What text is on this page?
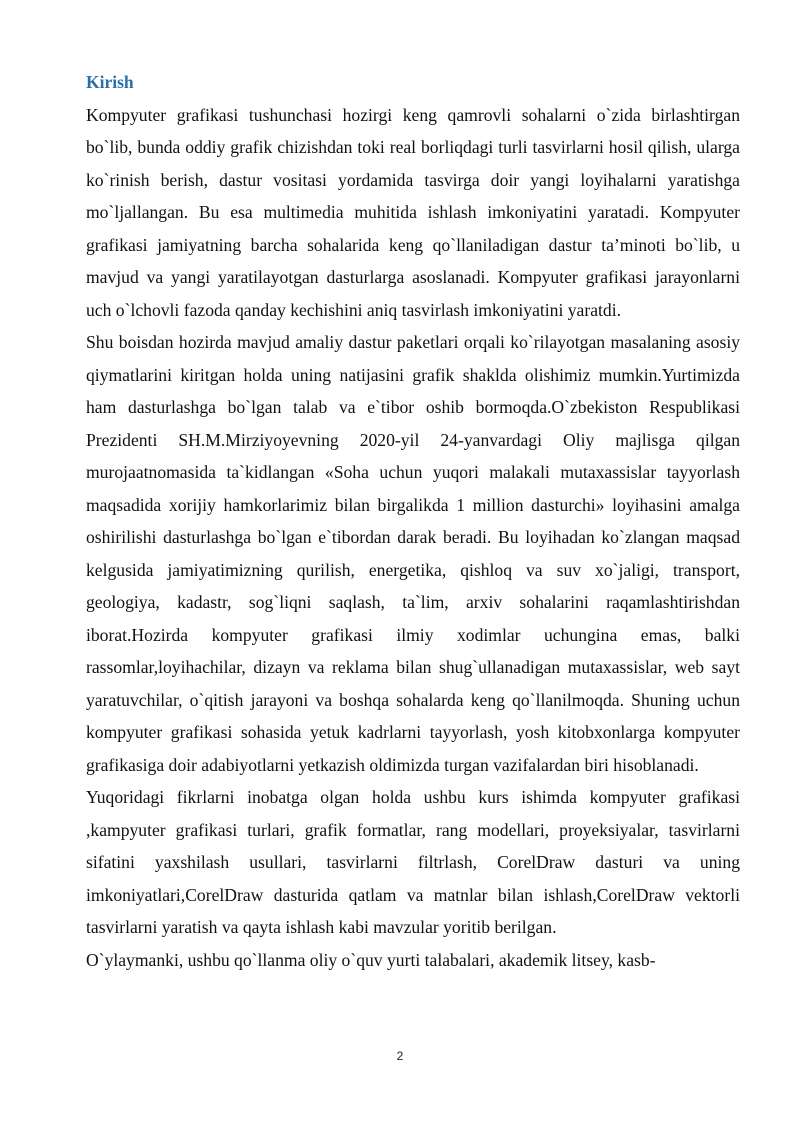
Kirish

Kompyuter grafikasi tushunchasi hozirgi keng qamrovli sohalarni o`zida birlashtirgan bo`lib, bunda oddiy grafik chizishdan toki real borliqdagi turli tasvirlarni hosil qilish, ularga ko`rinish berish, dastur vositasi yordamida tasvirga doir yangi loyihalarni yaratishga mo`ljallangan. Bu esa multimedia muhitida ishlash imkoniyatini yaratadi. Kompyuter grafikasi jamiyatning barcha sohalarida keng qo`llaniladigan dastur ta’minoti bo`lib, u mavjud va yangi yaratilayotgan dasturlarga asoslanadi. Kompyuter grafikasi jarayonlarni uch o`lchovli fazoda qanday kechishini aniq tasvirlash imkoniyatini yaratdi.

Shu boisdan hozirda mavjud amaliy dastur paketlari orqali ko`rilayotgan masalaning asosiy qiymatlarini kiritgan holda uning natijasini grafik shaklda olishimiz mumkin.Yurtimizda ham dasturlashga bo`lgan talab va e`tibor oshib bormoqda.O`zbekiston Respublikasi Prezidenti SH.M.Mirziyoyevning 2020-yil 24-yanvardagi Oliy majlisga qilgan murojaatnomasida ta`kidlangan «Soha uchun yuqori malakali mutaxassislar tayyorlash maqsadida xorijiy hamkorlarimiz bilan birgalikda 1 million dasturchi» loyihasini amalga oshirilishi dasturlashga bo`lgan e`tibordan darak beradi. Bu loyihadan ko`zlangan maqsad kelgusida jamiyatimizning qurilish, energetika, qishloq va suv xo`jaligi, transport, geologiya, kadastr, sog`liqni saqlash, ta`lim, arxiv sohalarini raqamlashtirishdan iborat.Hozirda kompyuter grafikasi ilmiy xodimlar uchungina emas, balki rassomlar,loyihachilar, dizayn va reklama bilan shug`ullanadigan mutaxassislar, web sayt yaratuvchilar, o`qitish jarayoni va boshqa sohalarda keng qo`llanilmoqda. Shuning uchun kompyuter grafikasi sohasida yetuk kadrlarni tayyorlash, yosh kitobxonlarga kompyuter grafikasiga doir adabiyotlarni yetkazish oldimizda turgan vazifalardan biri hisoblanadi.

Yuqoridagi fikrlarni inobatga olgan holda ushbu kurs ishimda kompyuter grafikasi ,kampyuter grafikasi turlari, grafik formatlar, rang modellari, proyeksiyalar, tasvirlarni sifatini yaxshilash usullari, tasvirlarni filtrlash, CorelDraw dasturi va uning imkoniyatlari,CorelDraw dasturida qatlam va matnlar bilan ishlash,CorelDraw vektorli tasvirlarni yaratish va qayta ishlash kabi mavzular yoritib berilgan.

O`ylaymanki, ushbu qo`llanma oliy o`quv yurti talabalari, akademik litsey, kasb-

2
